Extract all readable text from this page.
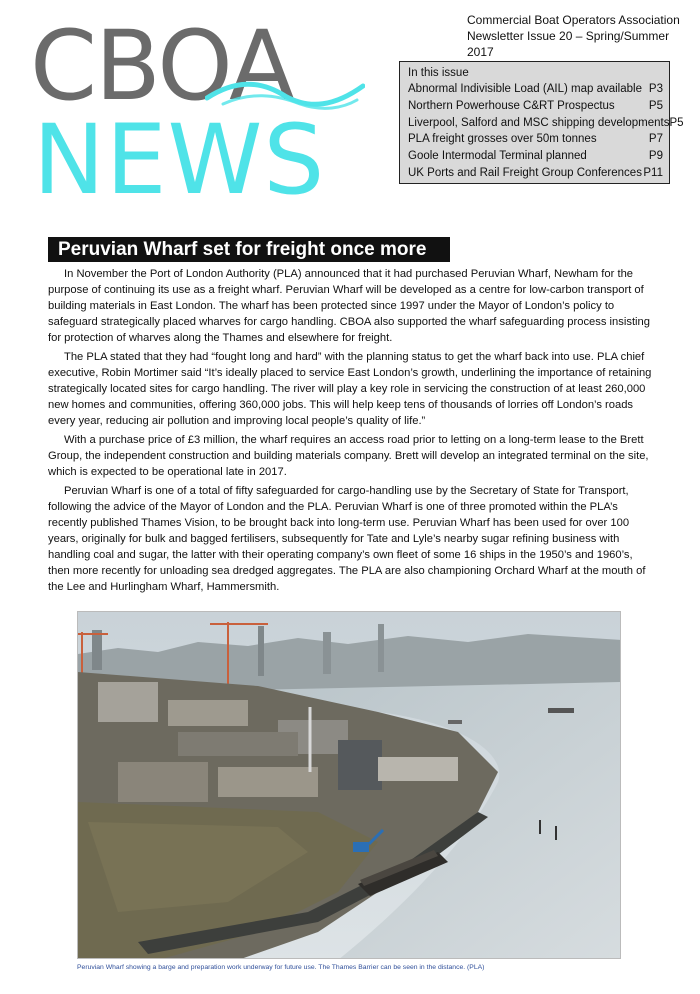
Commercial Boat Operators Association
Newsletter Issue 20 – Spring/Summer 2017
CBOA
NEWS
In this issue
Abnormal Indivisible Load (AIL) map available P3
Northern Powerhouse C&RT Prospectus	P5
Liverpool, Salford and MSC shipping developments P5
PLA freight grosses over 50m tonnes	P7
Goole Intermodal Terminal planned	P9
UK Ports and Rail Freight Group Conferences P11
Peruvian Wharf set for freight once more

In November the Port of London Authority (PLA) announced that it had purchased Peruvian Wharf, Newham for the purpose of continuing its use as a freight wharf. Peruvian Wharf will be developed as a centre for low-carbon transport of building materials in East London. The wharf has been protected since 1997 under the Mayor of London’s policy to safeguard strategically placed wharves for cargo handling. CBOA also supported the wharf safeguarding process insisting for protection of wharves along the Thames and elsewhere for freight.

The PLA stated that they had “fought long and hard” with the planning status to get the wharf back into use. PLA chief executive, Robin Mortimer said “It’s ideally placed to service East London’s growth, underlining the importance of retaining strategically located sites for cargo handling. The river will play a key role in servicing the construction of at least 260,000 new homes and communities, offering 360,000 jobs. This will help keep tens of thousands of lorries off London’s roads every year, reducing air pollution and improving local people’s quality of life.”

With a purchase price of £3 million, the wharf requires an access road prior to letting on a long-term lease to the Brett Group, the independent construction and building materials company. Brett will develop an integrated terminal on the site, which is expected to be operational late in 2017.

Peruvian Wharf is one of a total of fifty safeguarded for cargo-handling use by the Secretary of State for Transport, following the advice of the Mayor of London and the PLA. Peruvian Wharf is one of three promoted within the PLA’s recently published Thames Vision, to be brought back into long-term use. Peruvian Wharf has been used for over 100 years, originally for bulk and bagged fertilisers, subsequently for Tate and Lyle’s nearby sugar refining business with handling coal and sugar, the latter with their operating company’s own fleet of some 16 ships in the 1950’s and 1960’s, then more recently for unloading sea dredged aggregates. The PLA are also championing Orchard Wharf at the mouth of the Lee and Hurlingham Wharf, Hammersmith.

Peruvian Wharf showing a barge and preparation work underway for future use. The Thames Barrier can be seen in the distance. (PLA)
